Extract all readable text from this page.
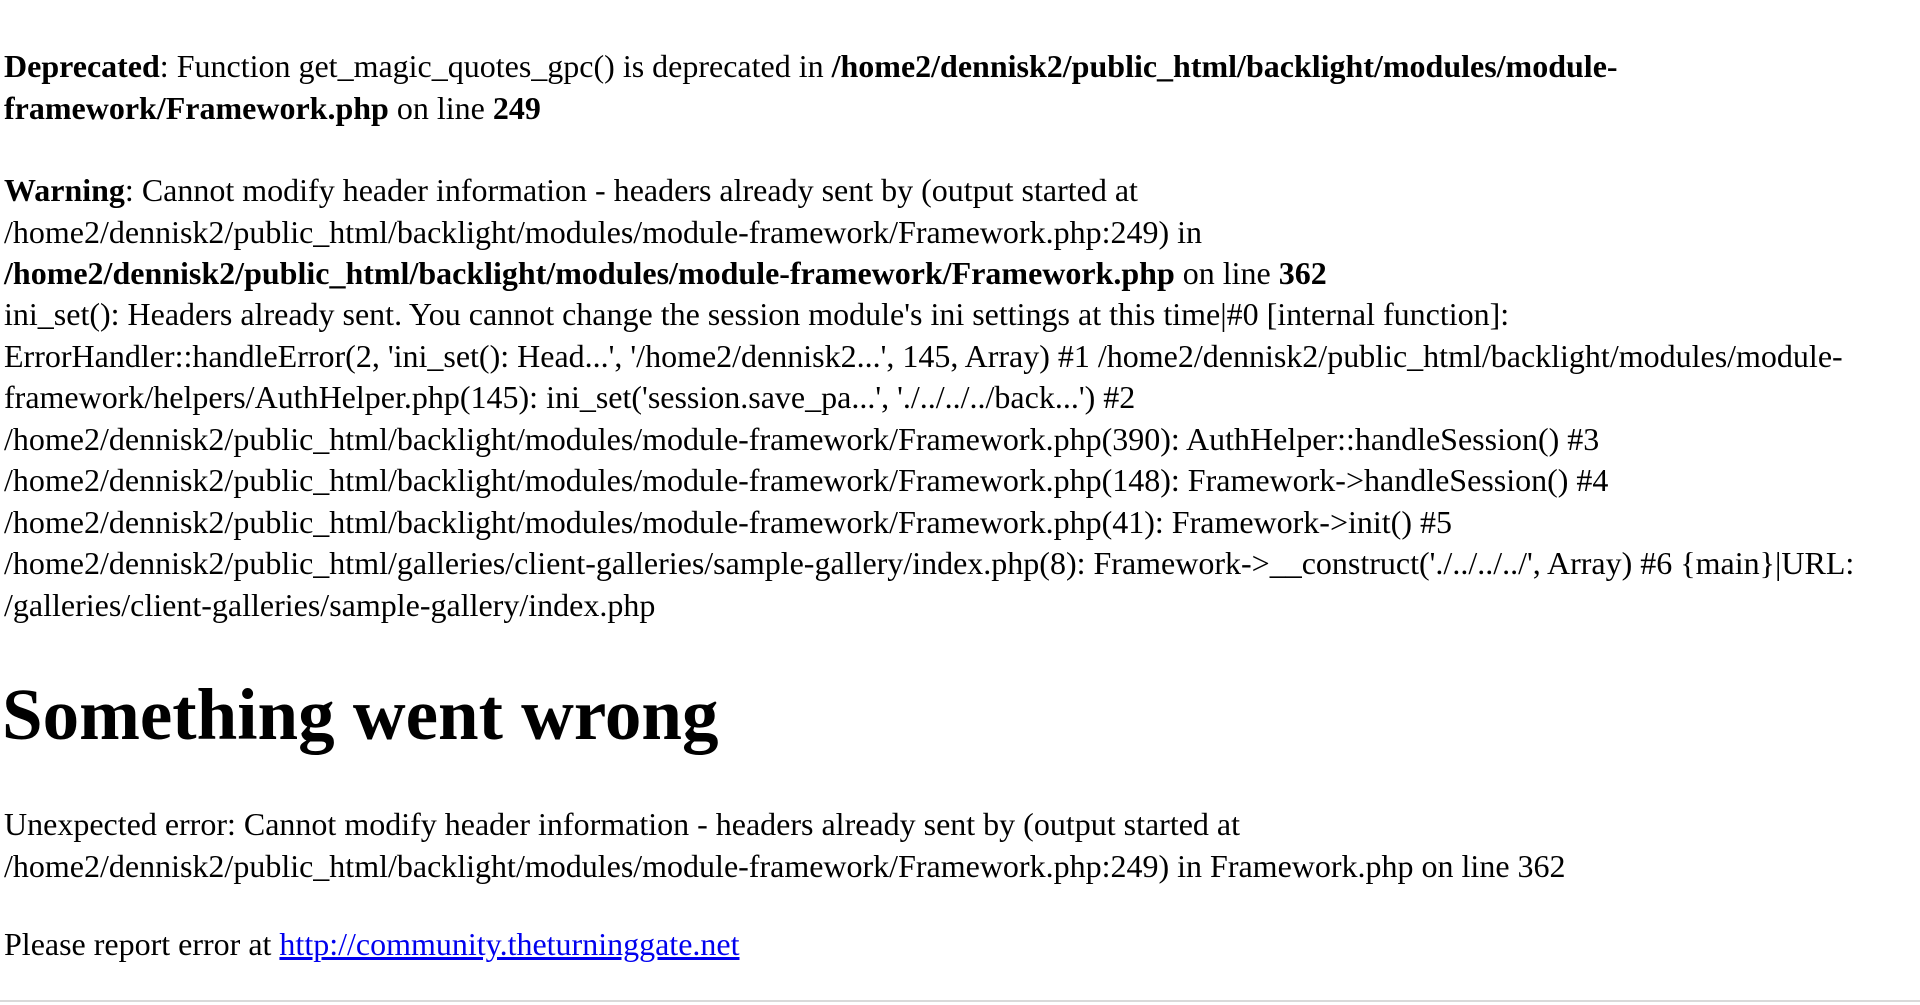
Deprecated: Function get_magic_quotes_gpc() is deprecated in /home2/dennisk2/public_html/backlight/modules/module-framework/Framework.php on line 249

Warning: Cannot modify header information - headers already sent by (output started at /home2/dennisk2/public_html/backlight/modules/module-framework/Framework.php:249) in /home2/dennisk2/public_html/backlight/modules/module-framework/Framework.php on line 362

ini_set(): Headers already sent. You cannot change the session module's ini settings at this time|#0 [internal function]: ErrorHandler::handleError(2, 'ini_set(): Head...', '/home2/dennisk2...', 145, Array) #1 /home2/dennisk2/public_html/backlight/modules/module-framework/helpers/AuthHelper.php(145): ini_set('session.save_pa...', './../../../back...') #2 /home2/dennisk2/public_html/backlight/modules/module-framework/Framework.php(390): AuthHelper::handleSession() #3 /home2/dennisk2/public_html/backlight/modules/module-framework/Framework.php(148): Framework->handleSession() #4 /home2/dennisk2/public_html/backlight/modules/module-framework/Framework.php(41): Framework->init() #5 /home2/dennisk2/public_html/galleries/client-galleries/sample-gallery/index.php(8): Framework->__construct('./../../../', Array) #6 {main}|URL: /galleries/client-galleries/sample-gallery/index.php

Something went wrong

Unexpected error: Cannot modify header information - headers already sent by (output started at /home2/dennisk2/public_html/backlight/modules/module-framework/Framework.php:249) in Framework.php on line 362

Please report error at http://community.theturninggate.net
